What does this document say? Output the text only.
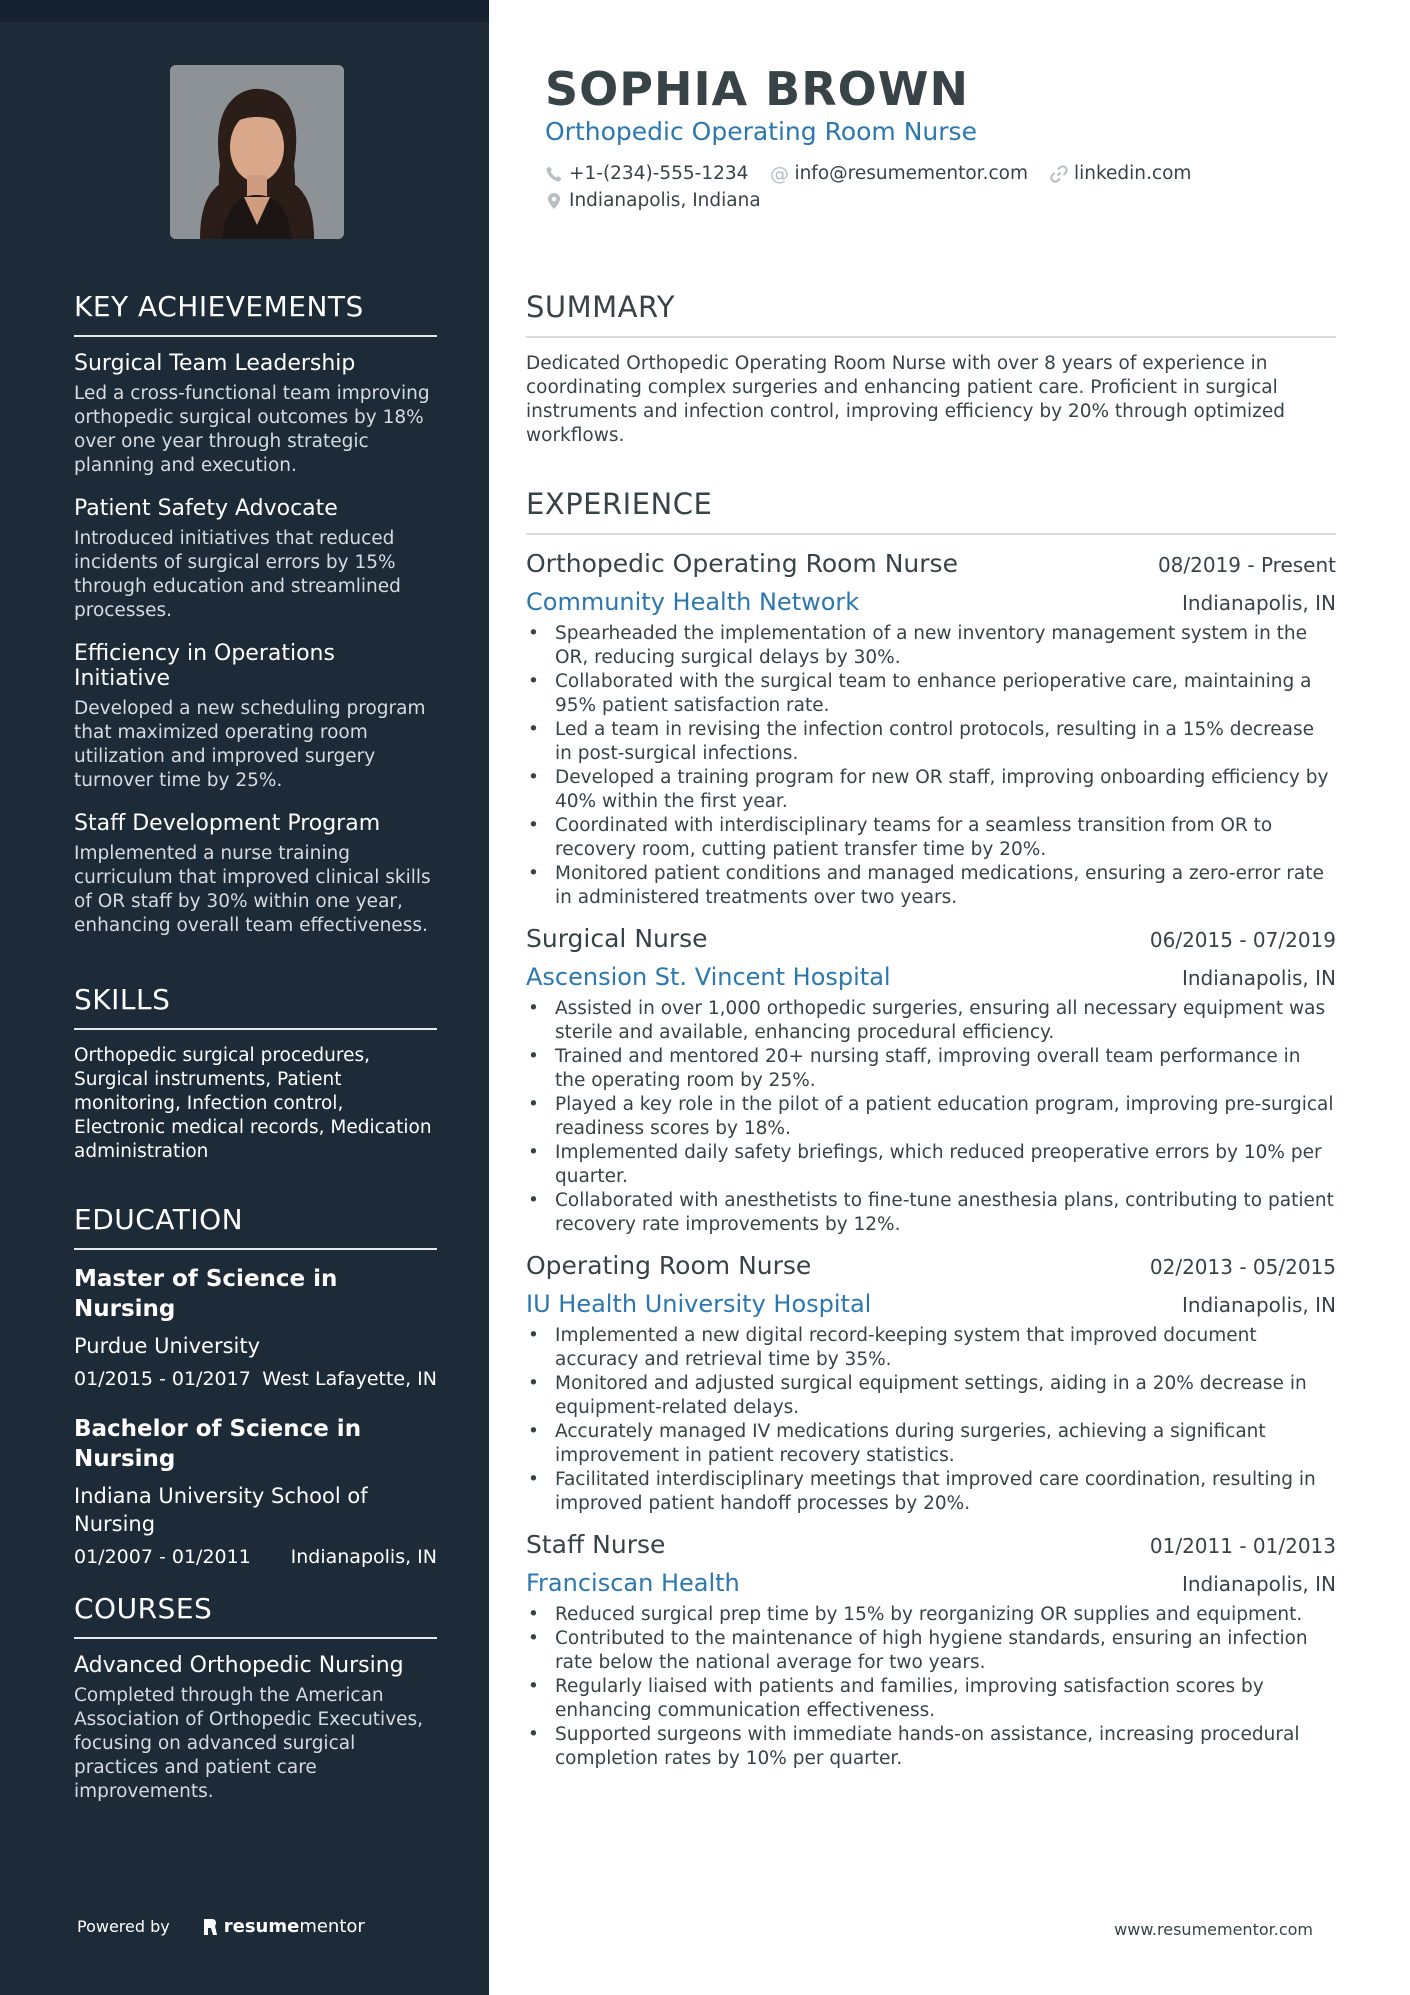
KEY ACHIEVEMENTS
Surgical Team Leadership
Led a cross-functional team improving orthopedic surgical outcomes by 18% over one year through strategic planning and execution.
Patient Safety Advocate
Introduced initiatives that reduced incidents of surgical errors by 15% through education and streamlined processes.
Efficiency in Operations Initiative
Developed a new scheduling program that maximized operating room utilization and improved surgery turnover time by 25%.
Staff Development Program
Implemented a nurse training curriculum that improved clinical skills of OR staff by 30% within one year, enhancing overall team effectiveness.
SKILLS
Orthopedic surgical procedures, Surgical instruments, Patient monitoring, Infection control, Electronic medical records, Medication administration
EDUCATION
Master of Science in Nursing
Purdue University
01/2015 - 01/2017 West Lafayette, IN
Bachelor of Science in Nursing
Indiana University School of Nursing
01/2007 - 01/2011 Indianapolis, IN
COURSES
Advanced Orthopedic Nursing
Completed through the American Association of Orthopedic Executives, focusing on advanced surgical practices and patient care improvements.
Powered by	resumementor
SOPHIA BROWN
Orthopedic Operating Room Nurse
+1-(234)-555-1234 @ info@resumementor.com linkedin.com
Indianapolis, Indiana
SUMMARY

Dedicated Orthopedic Operating Room Nurse with over 8 years of experience in coordinating complex surgeries and enhancing patient care. Proficient in surgical instruments and infection control, improving efficiency by 20% through optimized workflows.

EXPERIENCE
Orthopedic Operating Room Nurse	08/2019 - Present
Community Health Network	Indianapolis, IN
• Spearheaded the implementation of a new inventory management system in the OR, reducing surgical delays by 30%.
• Collaborated with the surgical team to enhance perioperative care, maintaining a 95% patient satisfaction rate.
• Led a team in revising the infection control protocols, resulting in a 15% decrease in post-surgical infections.
• Developed a training program for new OR staff, improving onboarding efficiency by 40% within the first year.
• Coordinated with interdisciplinary teams for a seamless transition from OR to recovery room, cutting patient transfer time by 20%.
• Monitored patient conditions and managed medications, ensuring a zero-error rate in administered treatments over two years.
Surgical Nurse	06/2015 - 07/2019
Ascension St. Vincent Hospital	Indianapolis, IN
• Assisted in over 1,000 orthopedic surgeries, ensuring all necessary equipment was sterile and available, enhancing procedural efficiency.
• Trained and mentored 20+ nursing staff, improving overall team performance in the operating room by 25%.
• Played a key role in the pilot of a patient education program, improving pre-surgical readiness scores by 18%.
• Implemented daily safety briefings, which reduced preoperative errors by 10% per quarter.
• Collaborated with anesthetists to fine-tune anesthesia plans, contributing to patient recovery rate improvements by 12%.
Operating Room Nurse	02/2013 - 05/2015
IU Health University Hospital	Indianapolis, IN
• Implemented a new digital record-keeping system that improved document accuracy and retrieval time by 35%.
• Monitored and adjusted surgical equipment settings, aiding in a 20% decrease in equipment-related delays.
• Accurately managed IV medications during surgeries, achieving a significant improvement in patient recovery statistics.
• Facilitated interdisciplinary meetings that improved care coordination, resulting in improved patient handoff processes by 20%.
Staff Nurse	01/2011 - 01/2013
Franciscan Health	Indianapolis, IN
• Reduced surgical prep time by 15% by reorganizing OR supplies and equipment.
• Contributed to the maintenance of high hygiene standards, ensuring an infection rate below the national average for two years.
• Regularly liaised with patients and families, improving satisfaction scores by enhancing communication effectiveness.
• Supported surgeons with immediate hands-on assistance, increasing procedural completion rates by 10% per quarter.
www.resumementor.com
